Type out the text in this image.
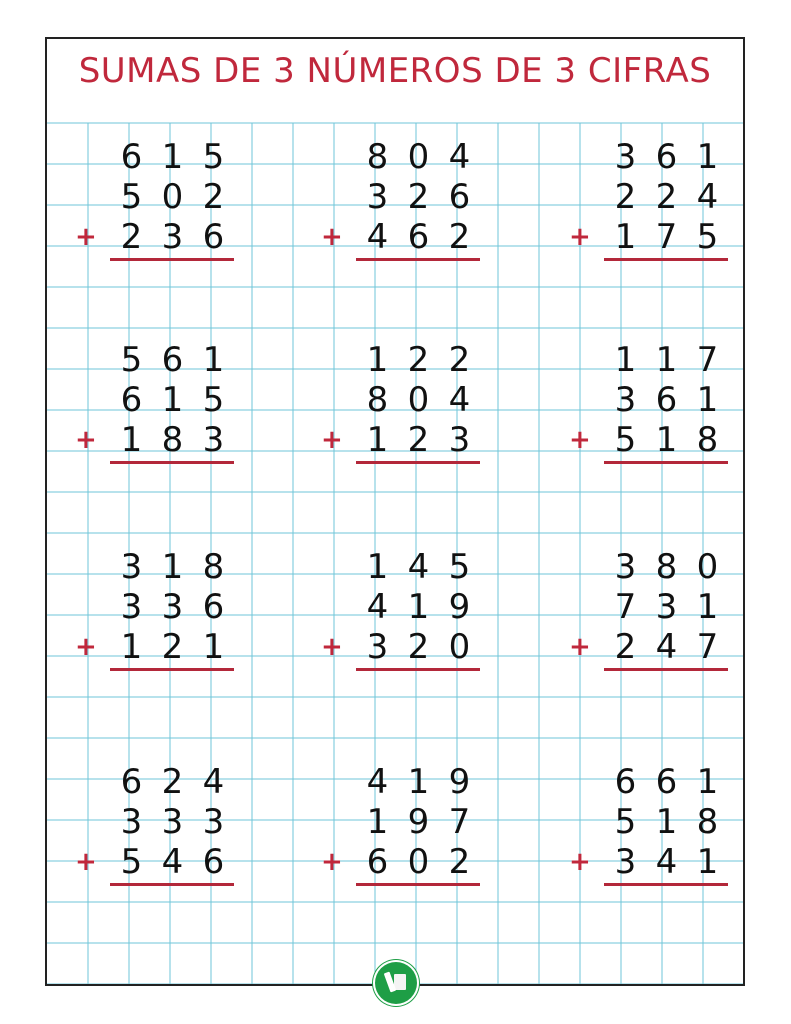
SUMAS DE 3 NÚMEROS DE 3 CIFRAS
6 1 5
5 0 2
+ 2 3 6
8 0 4
3 2 6
+ 4 6 2
3 6 1
2 2 4
+ 1 7 5
5 6 1
6 1 5
+ 1 8 3
1 2 2
8 0 4
+ 1 2 3
1 1 7
3 6 1
+ 5 1 8
3 1 8
3 3 6
+ 1 2 1
1 4 5
4 1 9
+ 3 2 0
3 8 0
7 3 1
+ 2 4 7
6 2 4
3 3 3
+ 5 4 6
4 1 9
1 9 7
+ 6 0 2
6 6 1
5 1 8
+ 3 4 1
